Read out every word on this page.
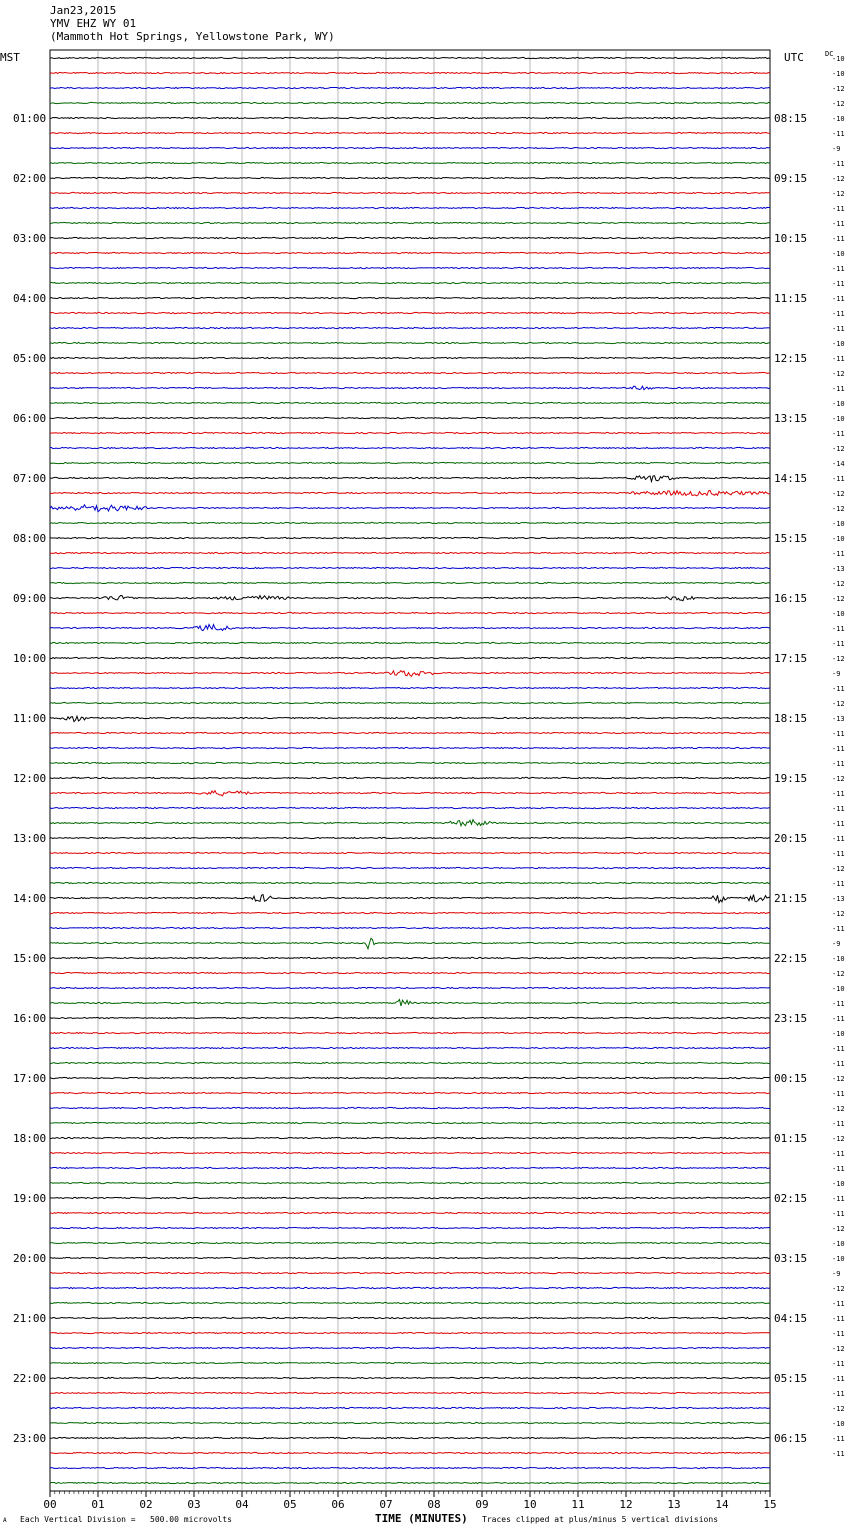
Jan23,2015
YMV EHZ WY 01
(Mammoth Hot Springs, Yellowstone Park, WY)
MST	UTC	DC
01:00
02:00
03:00
04:00
05:00
06:00
07:00
08:00
09:00
10:00
11:00
12:00
13:00
14:00
15:00
16:00
17:00
18:00
19:00
20:00
21:00
22:00
23:00
08:15
09:15
10:15
11:15
12:15
13:15
14:15
15:15
16:15
17:15
18:15
19:15
20:15
21:15
22:15
23:15
00:15
01:15
02:15
03:15
04:15
05:15
06:15
-10
-10
-12
-12
-10
-11
-9
-11
-12
-12
-11
-11
-11
-10
-11
-11
-11
-11
-11
-10
-11
-12
-11
-10
-10
-11
-12
-14
-11
-12
-12
-10
-10
-11
-13
-12
-12
-10
-11
-11
-12
-9
-11
-12
-13
-11
-11
-11
-12
-11
-11
-11
-11
-11
-12
-11
-13
-12
-11
-9
-10
-12
-10
-11
-11
-10
-11
-11
-12
-11
-12
-11
-12
-11
-11
-10
-11
-11
-12
-10
-10
-9
-12
-11
-11
-11
-12
-11
-11
-11
-12
-10
-11
-11
00	01	02	03	04	05	06	07	08	09	10	11	12	13	14	15
A Each Vertical Division =   500.00 microvolts	TIME (MINUTES) Traces clipped at plus/minus 5 vertical divisions
